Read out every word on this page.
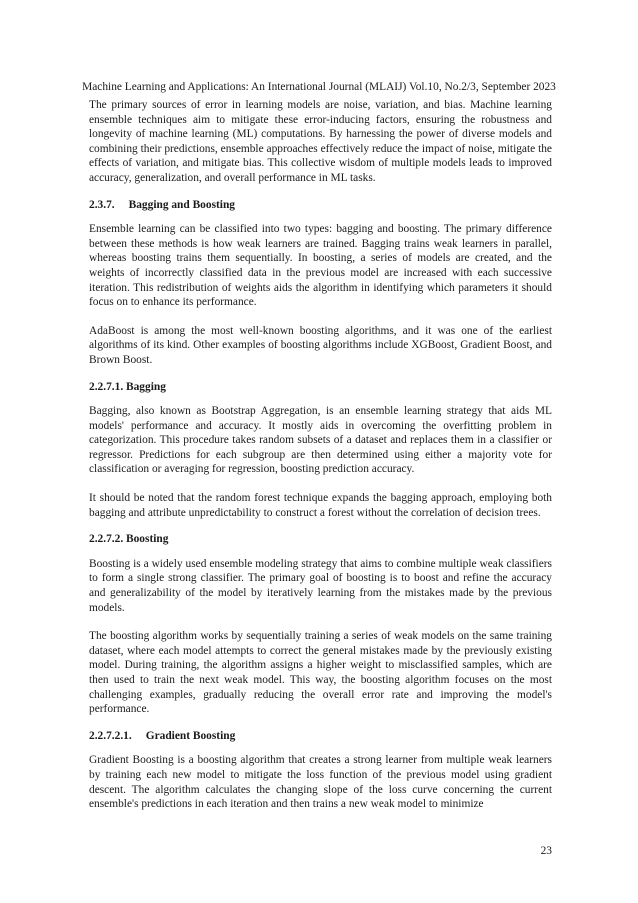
Machine Learning and Applications: An International Journal (MLAIJ) Vol.10, No.2/3, September 2023

The primary sources of error in learning models are noise, variation, and bias. Machine learning ensemble techniques aim to mitigate these error-inducing factors, ensuring the robustness and longevity of machine learning (ML) computations. By harnessing the power of diverse models and combining their predictions, ensemble approaches effectively reduce the impact of noise, mitigate the effects of variation, and mitigate bias. This collective wisdom of multiple models leads to improved accuracy, generalization, and overall performance in ML tasks.

2.3.7. Bagging and Boosting

Ensemble learning can be classified into two types: bagging and boosting. The primary difference between these methods is how weak learners are trained. Bagging trains weak learners in parallel, whereas boosting trains them sequentially. In boosting, a series of models are created, and the weights of incorrectly classified data in the previous model are increased with each successive iteration. This redistribution of weights aids the algorithm in identifying which parameters it should focus on to enhance its performance.

AdaBoost is among the most well-known boosting algorithms, and it was one of the earliest algorithms of its kind. Other examples of boosting algorithms include XGBoost, Gradient Boost, and Brown Boost.

2.2.7.1. Bagging

Bagging, also known as Bootstrap Aggregation, is an ensemble learning strategy that aids ML models' performance and accuracy. It mostly aids in overcoming the overfitting problem in categorization. This procedure takes random subsets of a dataset and replaces them in a classifier or regressor. Predictions for each subgroup are then determined using either a majority vote for classification or averaging for regression, boosting prediction accuracy.

It should be noted that the random forest technique expands the bagging approach, employing both bagging and attribute unpredictability to construct a forest without the correlation of decision trees.

2.2.7.2. Boosting

Boosting is a widely used ensemble modeling strategy that aims to combine multiple weak classifiers to form a single strong classifier. The primary goal of boosting is to boost and refine the accuracy and generalizability of the model by iteratively learning from the mistakes made by the previous models.

The boosting algorithm works by sequentially training a series of weak models on the same training dataset, where each model attempts to correct the general mistakes made by the previously existing model. During training, the algorithm assigns a higher weight to misclassified samples, which are then used to train the next weak model. This way, the boosting algorithm focuses on the most challenging examples, gradually reducing the overall error rate and improving the model's performance.

2.2.7.2.1. Gradient Boosting

Gradient Boosting is a boosting algorithm that creates a strong learner from multiple weak learners by training each new model to mitigate the loss function of the previous model using gradient descent. The algorithm calculates the changing slope of the loss curve concerning the current ensemble's predictions in each iteration and then trains a new weak model to minimize

23
